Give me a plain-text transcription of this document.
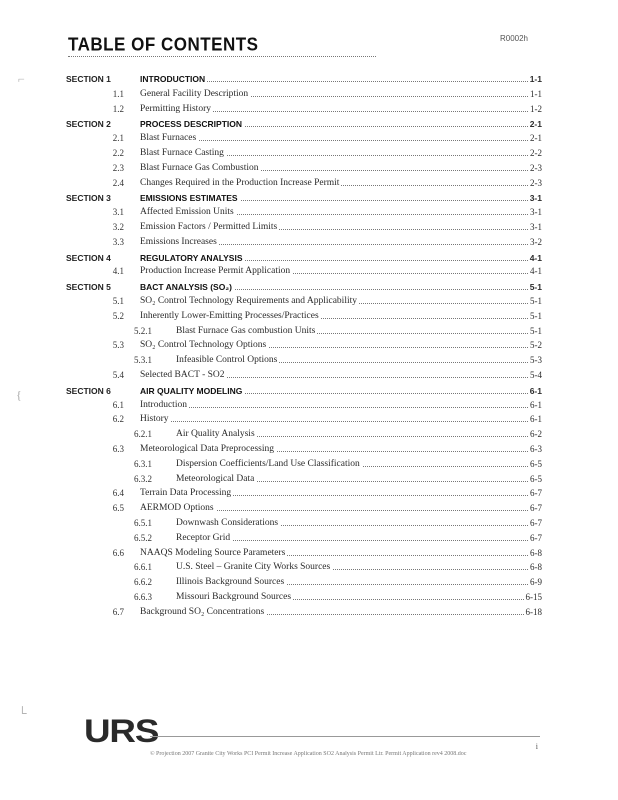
R0002h
TABLE OF CONTENTS
⌐
{
└
SECTION 1	INTRODUCTION	1-1
1.1 General Facility Description	1-1
1.2 Permitting History	1-2
SECTION 2	PROCESS DESCRIPTION	2-1
2.1 Blast Furnaces	2-1
2.2 Blast Furnace Casting	2-2
2.3 Blast Furnace Gas Combustion	2-3
2.4 Changes Required in the Production Increase Permit	2-3
SECTION 3	EMISSIONS ESTIMATES	3-1
3.1 Affected Emission Units	3-1
3.2 Emission Factors / Permitted Limits	3-1
3.3 Emissions Increases	3-2
SECTION 4	REGULATORY ANALYSIS	4-1
4.1 Production Increase Permit Application	4-1
SECTION 5	BACT ANALYSIS (SO₂)	5-1
5.1 SO₂ Control Technology Requirements and Applicability	5-1
5.2 Inherently Lower-Emitting Processes/Practices	5-1
5.2.1	Blast Furnace Gas combustion Units	5-1
5.3 SO₂ Control Technology Options	5-2
5.3.1	Infeasible Control Options	5-3
5.4 Selected BACT - SO2	5-4
SECTION 6	AIR QUALITY MODELING	6-1
6.1 Introduction	6-1
6.2 History	6-1
6.2.1	Air Quality Analysis	6-2
6.3 Meteorological Data Preprocessing	6-3
6.3.1	Dispersion Coefficients/Land Use Classification	6-5
6.3.2	Meteorological Data	6-5
6.4 Terrain Data Processing	6-7
6.5 AERMOD Options	6-7
6.5.1	Downwash Considerations	6-7
6.5.2	Receptor Grid	6-7
6.6 NAAQS Modeling Source Parameters	6-8
6.6.1	U.S. Steel – Granite City Works Sources	6-8
6.6.2	Illinois Background Sources	6-9
6.6.3	Missouri Background Sources	6-15
6.7 Background SO₂ Concentrations	6-18
URS	i
© Projection 2007 Granite City Works PCI Permit Increase Application SO2 Analysis Permit Ltr. Permit Application rev4 2008.doc
